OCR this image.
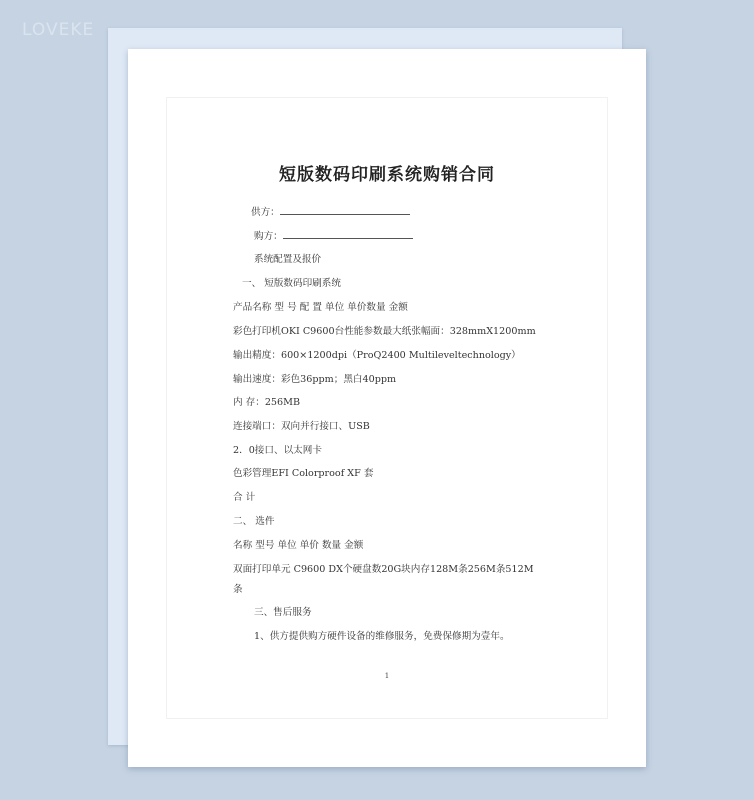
LOVEKE
短版数码印刷系统购销合同
供方：
购方：
系统配置及报价
一、 短版数码印刷系统
产品名称 型 号 配 置 单位 单价数量 金额
彩色打印机OKI C9600台性能参数最大纸张幅面：328mmX1200mm
输出精度：600×1200dpi（ProQ2400 Multileveltechnology）
输出速度：彩色36ppm；黑白40ppm
内 存：256MB
连接端口：双向并行接口、USB
2．0接口、以太网卡
色彩管理EFI Colorproof XF 套
合 计
二、 选件
名称 型号 单位 单价 数量 金额
双面打印单元 C9600 DX个硬盘数20G块内存128M条256M条512M
条
三、售后服务
1、供方提供购方硬件设备的维修服务，免费保修期为壹年。
1
